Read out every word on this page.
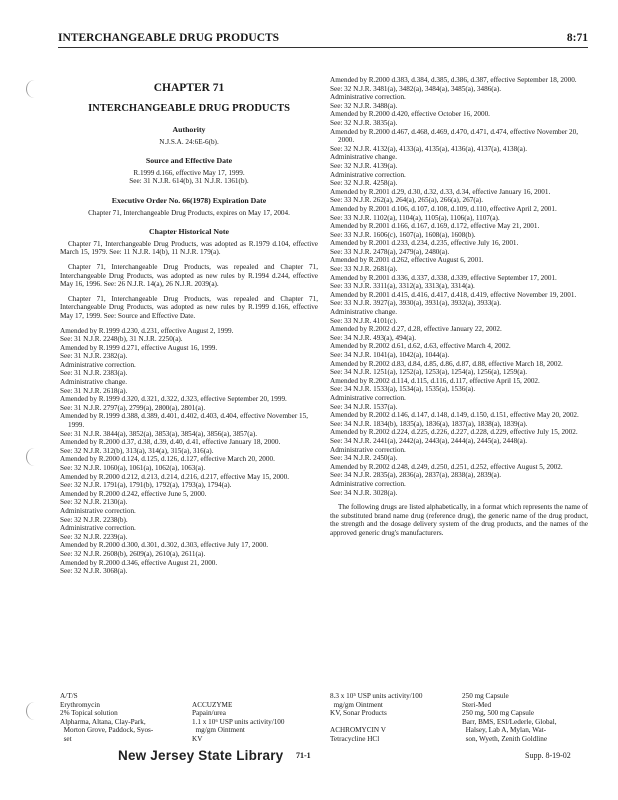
INTERCHANGEABLE DRUG PRODUCTS	8:71
CHAPTER 71
INTERCHANGEABLE DRUG PRODUCTS
Authority
N.J.S.A. 24:6E-6(b).
Source and Effective Date
R.1999 d.166, effective May 17, 1999.
See: 31 N.J.R. 614(b), 31 N.J.R. 1361(b).
Executive Order No. 66(1978) Expiration Date
Chapter 71, Interchangeable Drug Products, expires on May 17, 2004.
Chapter Historical Note
Chapter 71, Interchangeable Drug Products, was adopted as R.1979 d.104, effective March 15, 1979. See: 11 N.J.R. 14(b), 11 N.J.R. 179(a).
Chapter 71, Interchangeable Drug Products, was repealed and Chapter 71, Interchangeable Drug Products, was adopted as new rules by R.1994 d.244, effective May 16, 1996. See: 26 N.J.R. 14(a), 26 N.J.R. 2039(a).
Chapter 71, Interchangeable Drug Products, was repealed and Chapter 71, Interchangeable Drug Products, was adopted as new rules by R.1999 d.166, effective May 17, 1999. See: Source and Effective Date.
Amended by R.1999 d.230, d.231, effective August 2, 1999.
See: 31 N.J.R. 2248(b), 31 N.J.R. 2250(a).
Amended by R.1999 d.271, effective August 16, 1999.
See: 31 N.J.R. 2382(a).
Administrative correction.
See: 31 N.J.R. 2383(a).
Administrative change.
See: 31 N.J.R. 2618(a).
Amended by R.1999 d.320, d.321, d.322, d.323, effective September 20, 1999.
See: 31 N.J.R. 2797(a), 2799(a), 2800(a), 2801(a).
Amended by R.1999 d.388, d.389, d.401, d.402, d.403, d.404, effective November 15, 1999.
See: 31 N.J.R. 3844(a), 3852(a), 3853(a), 3854(a), 3856(a), 3857(a).
Amended by R.2000 d.37, d.38, d.39, d.40, d.41, effective January 18, 2000.
See: 32 N.J.R. 312(b), 313(a), 314(a), 315(a), 316(a).
Amended by R.2000 d.124, d.125, d.126, d.127, effective March 20, 2000.
See: 32 N.J.R. 1060(a), 1061(a), 1062(a), 1063(a).
Amended by R.2000 d.212, d.213, d.214, d.216, d.217, effective May 15, 2000.
See: 32 N.J.R. 1791(a), 1791(b), 1792(a), 1793(a), 1794(a).
Amended by R.2000 d.242, effective June 5, 2000.
See: 32 N.J.R. 2130(a).
Administrative correction.
See: 32 N.J.R. 2238(b).
Administrative correction.
See: 32 N.J.R. 2239(a).
Amended by R.2000 d.300, d.301, d.302, d.303, effective July 17, 2000.
See: 32 N.J.R. 2608(b), 2609(a), 2610(a), 2611(a).
Amended by R.2000 d.346, effective August 21, 2000.
See: 32 N.J.R. 3068(a).
Amended by R.2000 d.383, d.384, d.385, d.386, d.387, effective September 18, 2000.
See: 32 N.J.R. 3481(a), 3482(a), 3484(a), 3485(a), 3486(a).
Administrative correction.
See: 32 N.J.R. 3488(a).
Amended by R.2000 d.420, effective October 16, 2000.
See: 32 N.J.R. 3835(a).
Amended by R.2000 d.467, d.468, d.469, d.470, d.471, d.474, effective November 20, 2000.
See: 32 N.J.R. 4132(a), 4133(a), 4135(a), 4136(a), 4137(a), 4138(a).
Administrative change.
See: 32 N.J.R. 4139(a).
Administrative correction.
See: 32 N.J.R. 4258(a).
Amended by R.2001 d.29, d.30, d.32, d.33, d.34, effective January 16, 2001.
See: 33 N.J.R. 262(a), 264(a), 265(a), 266(a), 267(a).
Amended by R.2001 d.106, d.107, d.108, d.109, d.110, effective April 2, 2001.
See: 33 N.J.R. 1102(a), 1104(a), 1105(a), 1106(a), 1107(a).
Amended by R.2001 d.166, d.167, d.169, d.172, effective May 21, 2001.
See: 33 N.J.R. 1606(c), 1607(a), 1608(a), 1608(b).
Amended by R.2001 d.233, d.234, d.235, effective July 16, 2001.
See: 33 N.J.R. 2478(a), 2479(a), 2480(a).
Amended by R.2001 d.262, effective August 6, 2001.
See: 33 N.J.R. 2681(a).
Amended by R.2001 d.336, d.337, d.338, d.339, effective September 17, 2001.
See: 33 N.J.R. 3311(a), 3312(a), 3313(a), 3314(a).
Amended by R.2001 d.415, d.416, d.417, d.418, d.419, effective November 19, 2001.
See: 33 N.J.R. 3927(a), 3930(a), 3931(a), 3932(a), 3933(a).
Administrative change.
See: 33 N.J.R. 4101(c).
Amended by R.2002 d.27, d.28, effective January 22, 2002.
See: 34 N.J.R. 493(a), 494(a).
Amended by R.2002 d.61, d.62, d.63, effective March 4, 2002.
See: 34 N.J.R. 1041(a), 1042(a), 1044(a).
Amended by R.2002 d.83, d.84, d.85, d.86, d.87, d.88, effective March 18, 2002.
See: 34 N.J.R. 1251(a), 1252(a), 1253(a), 1254(a), 1256(a), 1259(a).
Amended by R.2002 d.114, d.115, d.116, d.117, effective April 15, 2002.
See: 34 N.J.R. 1533(a), 1534(a), 1535(a), 1536(a).
Administrative correction.
See: 34 N.J.R. 1537(a).
Amended by R.2002 d.146, d.147, d.148, d.149, d.150, d.151, effective May 20, 2002.
See: 34 N.J.R. 1834(b), 1835(a), 1836(a), 1837(a), 1838(a), 1839(a).
Amended by R.2002 d.224, d.225, d.226, d.227, d.228, d.229, effective July 15, 2002.
See: 34 N.J.R. 2441(a), 2442(a), 2443(a), 2444(a), 2445(a), 2448(a).
Administrative correction.
See: 34 N.J.R. 2450(a).
Amended by R.2002 d.248, d.249, d.250, d.251, d.252, effective August 5, 2002.
See: 34 N.J.R. 2835(a), 2836(a), 2837(a), 2838(a), 2839(a).
Administrative correction.
See: 34 N.J.R. 3028(a).
The following drugs are listed alphabetically, in a format which represents the name of the substituted brand name drug (reference drug), the generic name of the drug product, the strength and the dosage delivery system of the drug products, and the names of the approved generic drug's manufacturers.
A/T/S
Erythromycin
2% Topical solution
Alpharma, Altana, Clay-Park,
Morton Grove, Paddock, Syos-
set
ACCUZYME
Papain/urea
1.1 x 10⁶ USP units activity/100
mg/gm Ointment
KV
8.3 x 10⁵ USP units activity/100
mg/gm Ointment
KV, Sonar Products
ACHROMYCIN V
Tetracycline HCl
250 mg Capsule
Steri-Med
250 mg, 500 mg Capsule
Barr, BMS, ESI/Lederle, Global,
Halsey, Lab A, Mylan, Wat-
son, Wyeth, Zenith Goldline
New Jersey State Library 71-1	Supp. 8-19-02
